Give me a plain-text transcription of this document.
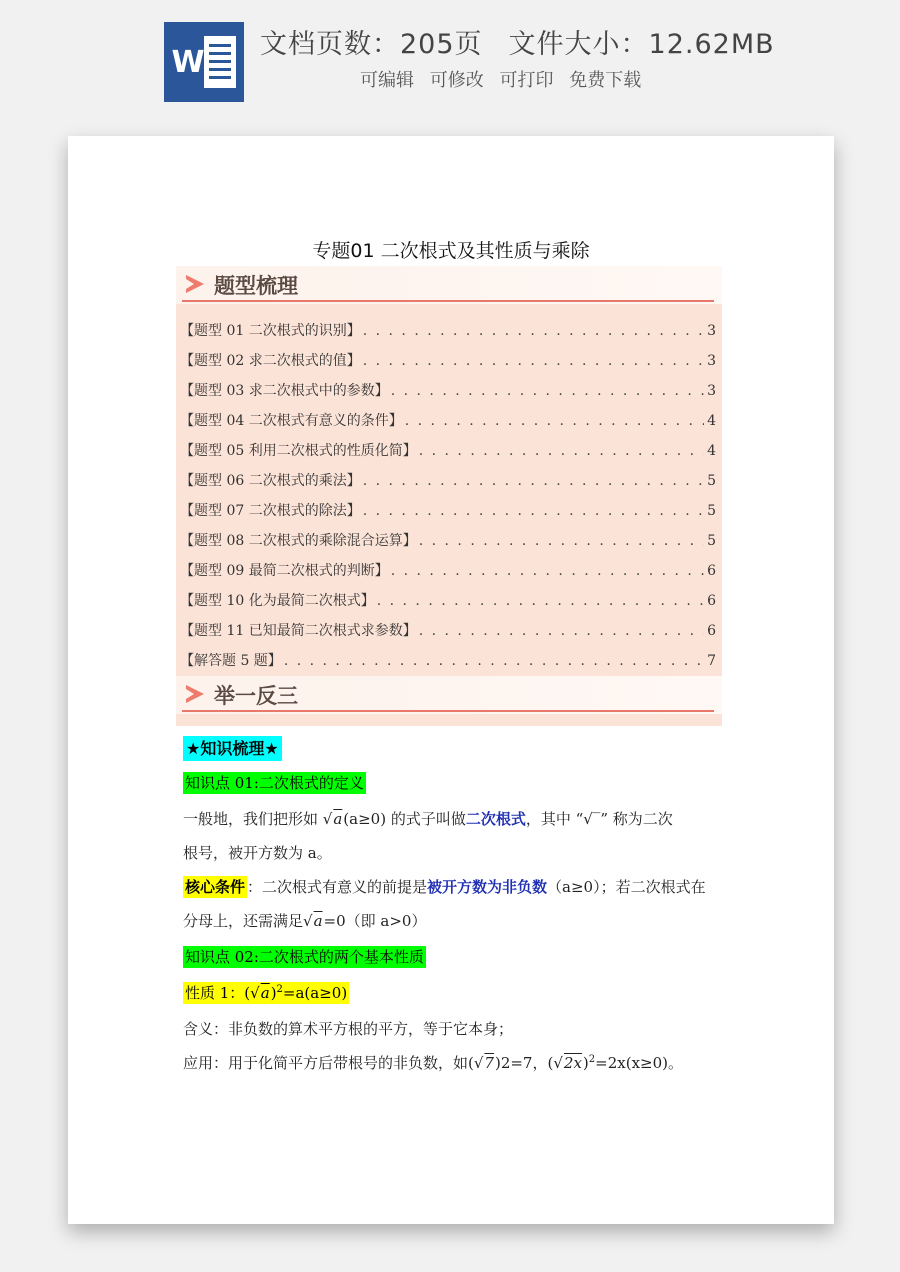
W
文档页数：205页 文件大小：12.62MB
可编辑 可修改 可打印 免费下载
专题01 二次根式及其性质与乘除
题型梳理
【题型 01 二次根式的识别】 . . .	3
【题型 02 求二次根式的值】 . . .	3
【题型 03 求二次根式中的参数】 . . .	3
【题型 04 二次根式有意义的条件】 . . .	4
【题型 05 利用二次根式的性质化简】 . . .	4
【题型 06 二次根式的乘法】 . . .	5
【题型 07 二次根式的除法】 . . .	5
【题型 08 二次根式的乘除混合运算】 . . .	5
【题型 09 最简二次根式的判断】 . . .	6
【题型 10 化为最简二次根式】 . . .	6
【题型 11 已知最简二次根式求参数】 . . .	6
【解答题 5 题】 . . .	7
举一反三
★知识梳理★
知识点 01:二次根式的定义
一般地，我们把形如 √a(a≥0) 的式子叫做二次根式，其中 “√‾” 称为二次
根号，被开方数为 a。
核心条件 ：二次根式有意义的前提是被开方数为非负数（a≥0）；若二次根式在
分母上，还需满足√a=0（即 a>0）
知识点 02:二次根式的两个基本性质
性质 1：$(√a)^2=a(a\ge 0)$
含义：非负数的算术平方根的平方，等于它本身；
应用：用于化简平方后带根号的非负数，如(√7)2=7，$(√2x)^2=2x(x\ge 0)$。
